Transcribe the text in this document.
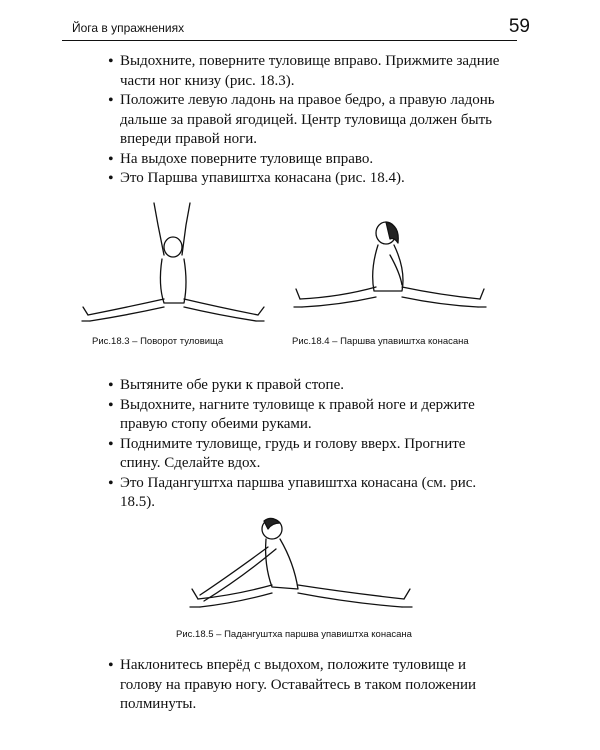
Йога в упражнениях	59
• Выдохните, поверните туловище вправо. Прижмите задние части ног книзу (рис. 18.3).
• Положите левую ладонь на правое бедро, а правую ладонь дальше за правой ягодицей. Центр туловища должен быть впереди правой ноги.
• На выдохе поверните туловище вправо.
• Это Паршва упавиштха конасана (рис. 18.4).
Рис.18.3 – Поворот туловища	Рис.18.4 – Паршва упавиштха конасана
• Вытяните обе руки к правой стопе.
• Выдохните, нагните туловище к правой ноге и держите правую стопу обеими руками.
• Поднимите туловище, грудь и голову вверх. Прогните спину. Сделайте вдох.
• Это Падангуштха паршва упавиштха конасана (см. рис. 18.5).
Рис.18.5 – Падангуштха паршва упавиштха конасана
• Наклонитесь вперёд с выдохом, положите туловище и голову на правую ногу. Оставайтесь в таком положении полминуты.
